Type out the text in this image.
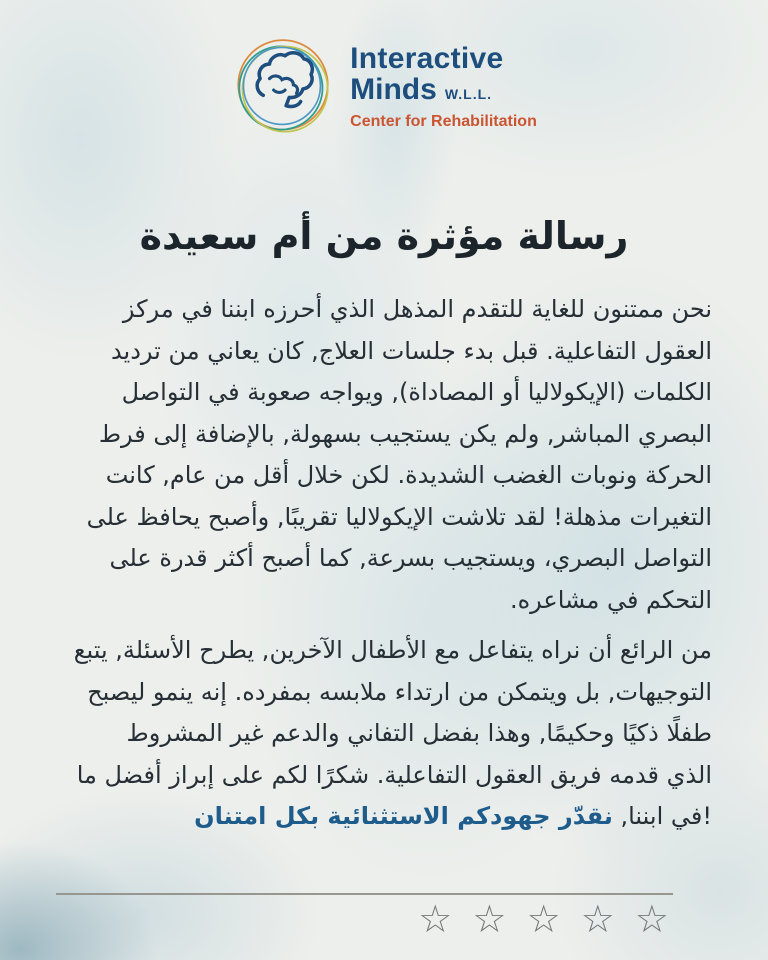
Interactive
Minds W.L.L.
Center for Rehabilitation
رسالة مؤثرة من أم سعيدة
نحن ممتنون للغاية للتقدم المذهل الذي أحرزه ابننا في مركز
العقول التفاعلية. قبل بدء جلسات العلاج, كان يعاني من ترديد
الكلمات (الإيكولاليا أو المصاداة), ويواجه صعوبة في التواصل
البصري المباشر, ولم يكن يستجيب بسهولة, بالإضافة إلى فرط
الحركة ونوبات الغضب الشديدة. لكن خلال أقل من عام, كانت
التغيرات مذهلة! لقد تلاشت الإيكولاليا تقريبًا, وأصبح يحافظ على
التواصل البصري، ويستجيب بسرعة, كما أصبح أكثر قدرة على
التحكم في مشاعره.
من الرائع أن نراه يتفاعل مع الأطفال الآخرين, يطرح الأسئلة, يتبع
التوجيهات, بل ويتمكن من ارتداء ملابسه بمفرده. إنه ينمو ليصبح
طفلًا ذكيًا وحكيمًا, وهذا بفضل التفاني والدعم غير المشروط
الذي قدمه فريق العقول التفاعلية. شكرًا لكم على إبراز أفضل ما
!في ابننا, نقدّر جهودكم الاستثنائية بكل امتنان
☆ ☆ ☆ ☆ ☆
